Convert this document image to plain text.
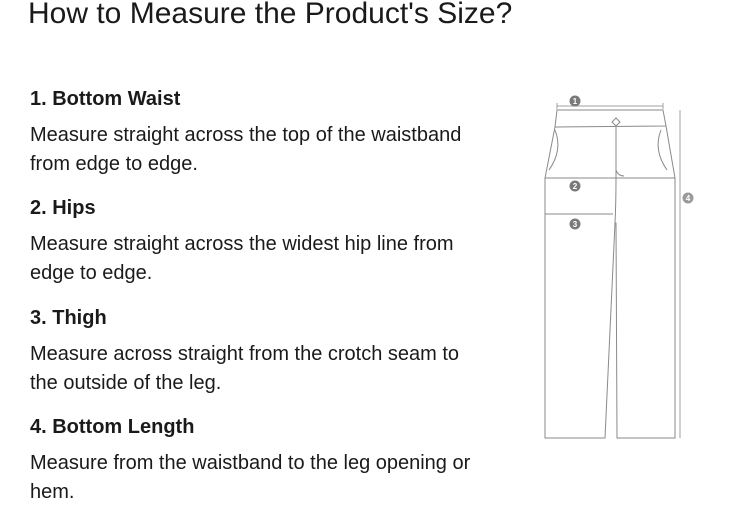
How to Measure the Product's Size?
1. Bottom Waist

Measure straight across the top of the waistband from edge to edge.

2. Hips

Measure straight across the widest hip line from edge to edge.

3. Thigh

Measure across straight from the crotch seam to the outside of the leg.

4. Bottom Length

Measure from the waistband to the leg opening or hem.

1
2
3
4
